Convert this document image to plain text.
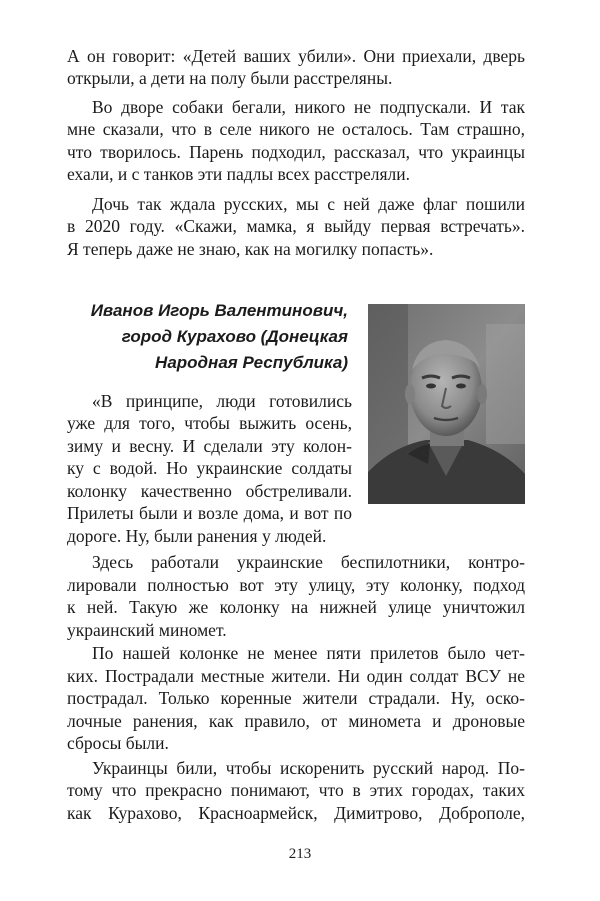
А он говорит: «Детей ваших убили». Они приехали, дверь
открыли, а дети на полу были расстреляны.
Во дворе собаки бегали, никого не подпускали. И так
мне сказали, что в селе никого не осталось. Там страшно,
что творилось. Парень подходил, рассказал, что украинцы
ехали, и с танков эти падлы всех расстреляли.
Дочь так ждала русских, мы с ней даже флаг пошили
в 2020 году. «Скажи, мамка, я выйду первая встречать».
Я теперь даже не знаю, как на могилку попасть».
Иванов Игорь Валентинович,
город Курахово (Донецкая
Народная Республика)
«В принципе, люди готовились
уже для того, чтобы выжить осень,
зиму и весну. И сделали эту колон-
ку с водой. Но украинские солдаты
колонку качественно обстреливали.
Прилеты были и возле дома, и вот по
дороге. Ну, были ранения у людей.
Здесь работали украинские беспилотники, контро-
лировали полностью вот эту улицу, эту колонку, подход
к ней. Такую же колонку на нижней улице уничтожил
украинский миномет.
По нашей колонке не менее пяти прилетов было чет-
ких. Пострадали местные жители. Ни один солдат ВСУ не
пострадал. Только коренные жители страдали. Ну, оско-
лочные ранения, как правило, от миномета и дроновые
сбросы были.
Украинцы били, чтобы искоренить русский народ. По-
тому что прекрасно понимают, что в этих городах, таких
как Курахово, Красноармейск, Димитрово, Доброполе,
213
